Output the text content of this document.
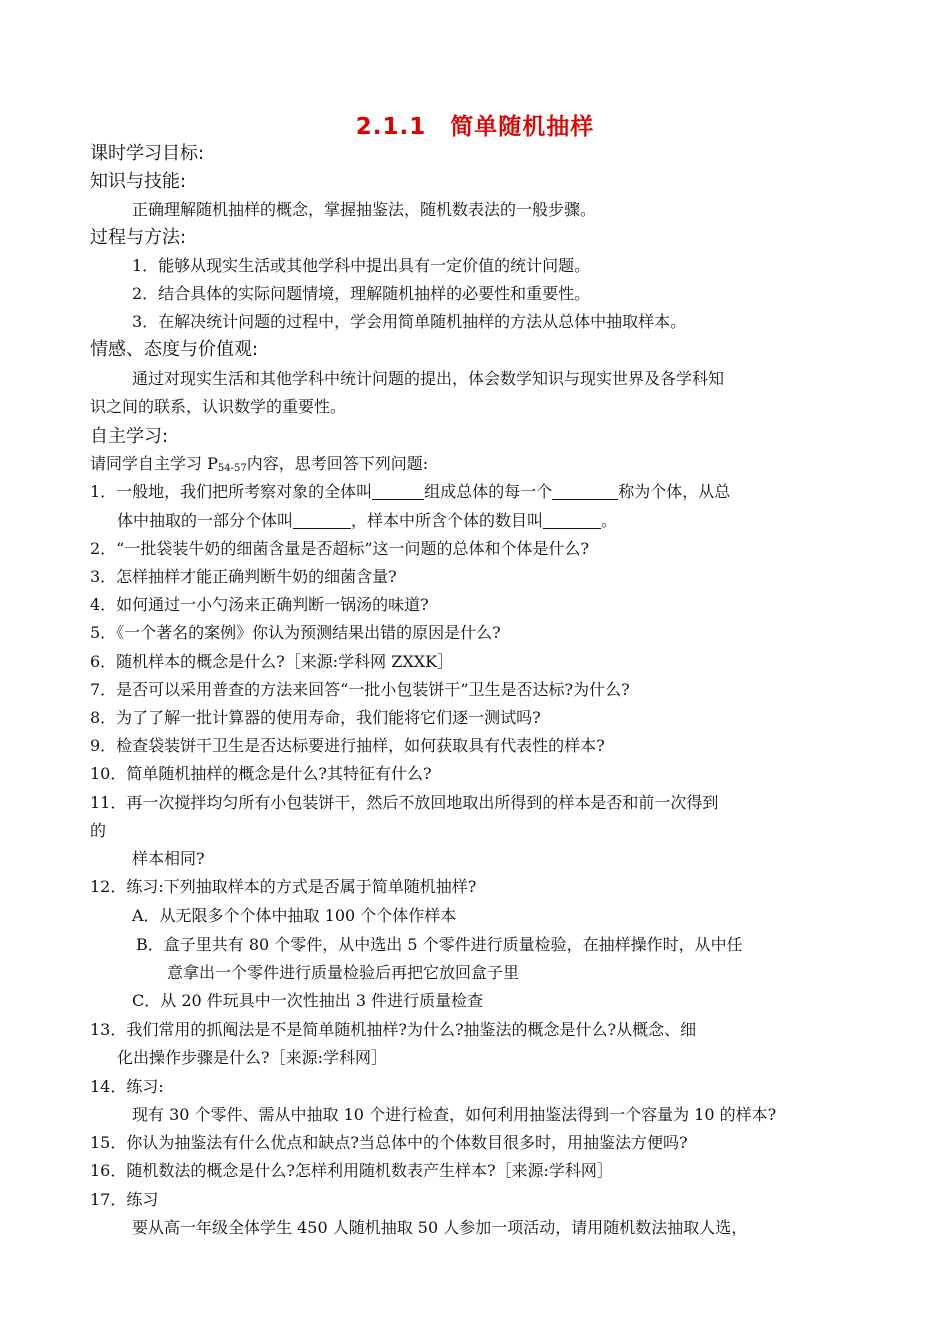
2.1.1　简单随机抽样
课时学习目标:
知识与技能:
正确理解随机抽样的概念，掌握抽鉴法，随机数表法的一般步骤。
过程与方法:
1．能够从现实生活或其他学科中提出具有一定价值的统计问题。
2．结合具体的实际问题情境，理解随机抽样的必要性和重要性。
3．在解决统计问题的过程中，学会用简单随机抽样的方法从总体中抽取样本。
情感、态度与价值观:
通过对现实生活和其他学科中统计问题的提出，体会数学知识与现实世界及各学科知
识之间的联系，认识数学的重要性。
自主学习:
请同学自主学习 $P_{54-57}$内容，思考回答下列问题:
1．一般地，我们把所考察对象的全体叫	组成总体的每一个	称为个体，从总
体中抽取的一部分个体叫	，样本中所含个体的数目叫	。
2．“一批袋装牛奶的细菌含量是否超标”这一问题的总体和个体是什么?
3．怎样抽样才能正确判断牛奶的细菌含量?
4．如何通过一小勺汤来正确判断一锅汤的味道?
5．《一个著名的案例》你认为预测结果出错的原因是什么?
6．随机样本的概念是什么?［来源:学科网 ZXXK］
7．是否可以采用普查的方法来回答“一批小包装饼干”卫生是否达标?为什么?
8．为了了解一批计算器的使用寿命，我们能将它们逐一测试吗?
9．检查袋装饼干卫生是否达标要进行抽样，如何获取具有代表性的样本?
10．简单随机抽样的概念是什么?其特征有什么?
11．再一次搅拌均匀所有小包装饼干，然后不放回地取出所得到的样本是否和前一次得到
的
样本相同?
12．练习:下列抽取样本的方式是否属于简单随机抽样?
A．从无限多个个体中抽取 100 个个体作样本
B．盒子里共有 80 个零件，从中选出 5 个零件进行质量检验，在抽样操作时，从中任
意拿出一个零件进行质量检验后再把它放回盒子里
C．从 20 件玩具中一次性抽出 3 件进行质量检查
13．我们常用的抓阄法是不是简单随机抽样?为什么?抽鉴法的概念是什么?从概念、细
化出操作步骤是什么?［来源:学科网］
14．练习:
现有 30 个零件、需从中抽取 10 个进行检查，如何利用抽鉴法得到一个容量为 10 的样本?
15．你认为抽鉴法有什么优点和缺点?当总体中的个体数目很多时，用抽鉴法方便吗?
16．随机数法的概念是什么?怎样利用随机数表产生样本?［来源:学科网］
17．练习
要从高一年级全体学生 450 人随机抽取 50 人参加一项活动，请用随机数法抽取人选，
